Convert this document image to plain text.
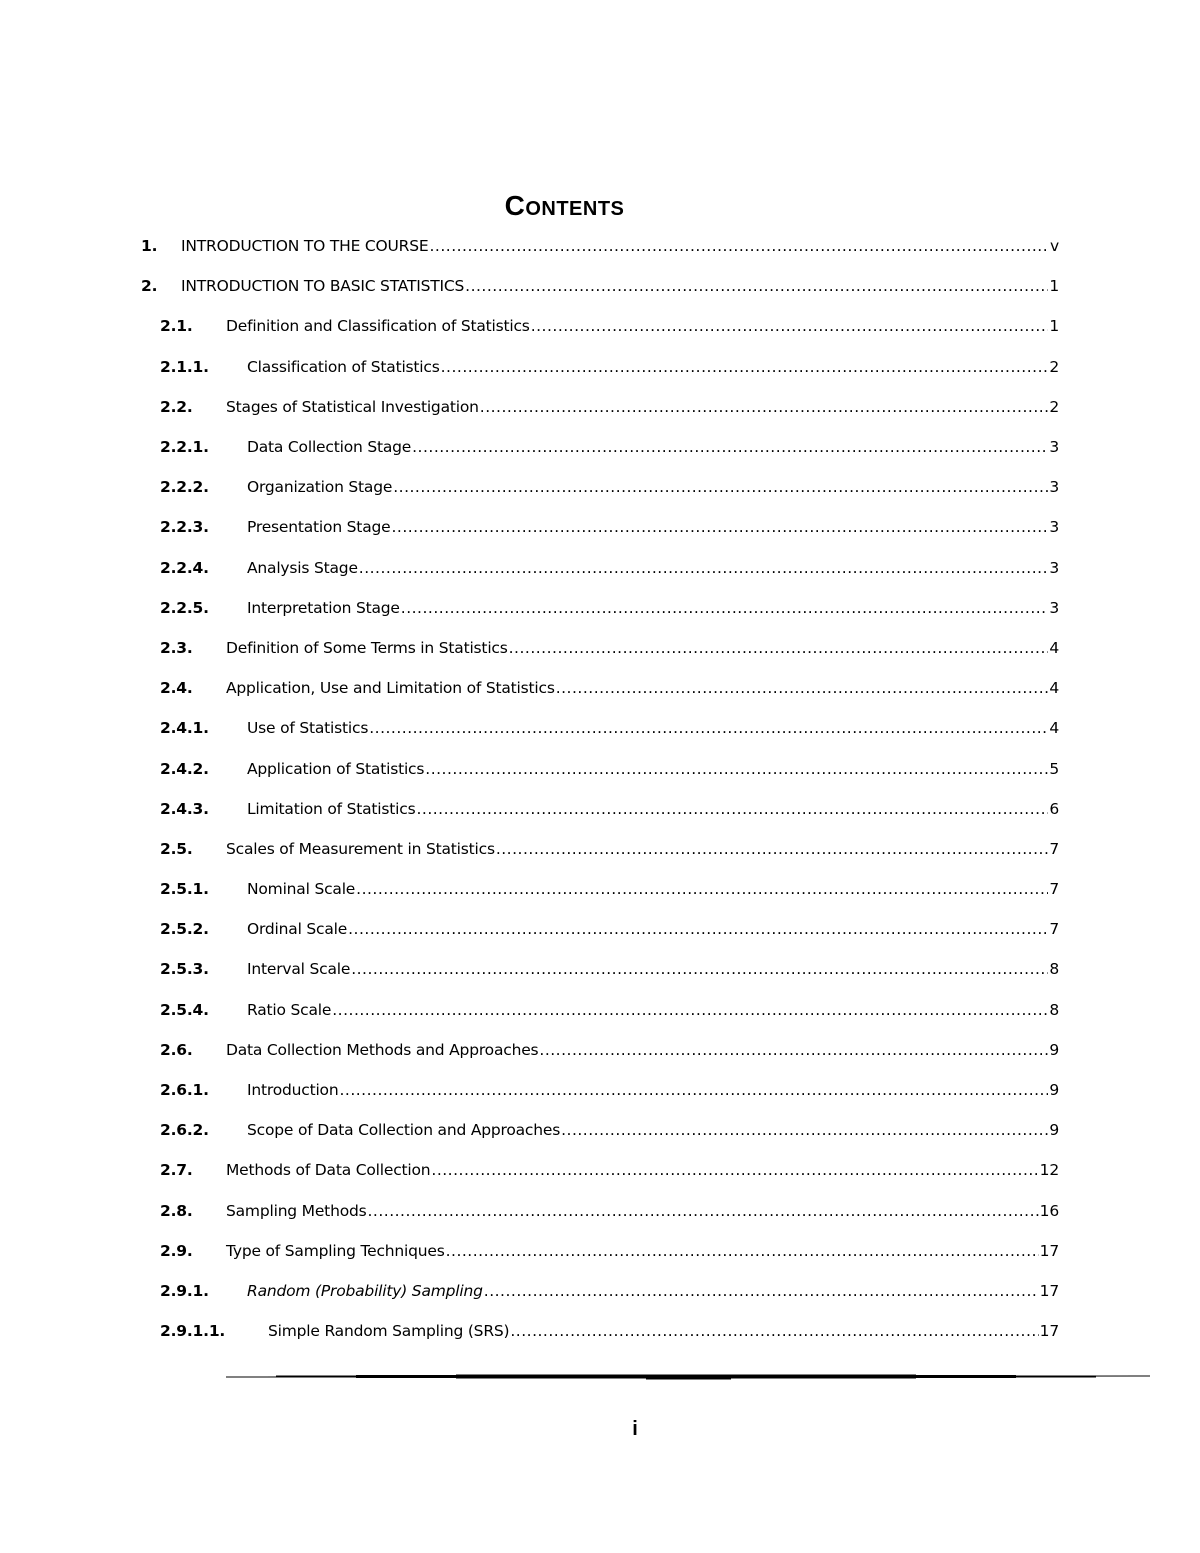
Contents
1. INTRODUCTION TO THE COURSE .....	v
2. INTRODUCTION TO BASIC STATISTICS .....	1
2.1. Definition and Classification of Statistics .....	1
2.1.1. Classification of Statistics .....	2
2.2. Stages of Statistical Investigation .....	2
2.2.1. Data Collection Stage .....	3
2.2.2. Organization Stage .....	3
2.2.3. Presentation Stage .....	3
2.2.4. Analysis Stage .....	3
2.2.5. Interpretation Stage .....	3
2.3. Definition of Some Terms in Statistics .....	4
2.4. Application, Use and Limitation of Statistics .....	4
2.4.1. Use of Statistics .....	4
2.4.2. Application of Statistics .....	5
2.4.3. Limitation of Statistics .....	6
2.5. Scales of Measurement in Statistics .....	7
2.5.1. Nominal Scale .....	7
2.5.2. Ordinal Scale .....	7
2.5.3. Interval Scale .....	8
2.5.4. Ratio Scale .....	8
2.6. Data Collection Methods and Approaches .....	9
2.6.1. Introduction .....	9
2.6.2. Scope of Data Collection and Approaches .....	9
2.7. Methods of Data Collection .....	12
2.8. Sampling Methods .....	16
2.9. Type of Sampling Techniques .....	17
2.9.1. Random (Probability) Sampling .....	17
2.9.1.1.	Simple Random Sampling (SRS) .....	17
i
